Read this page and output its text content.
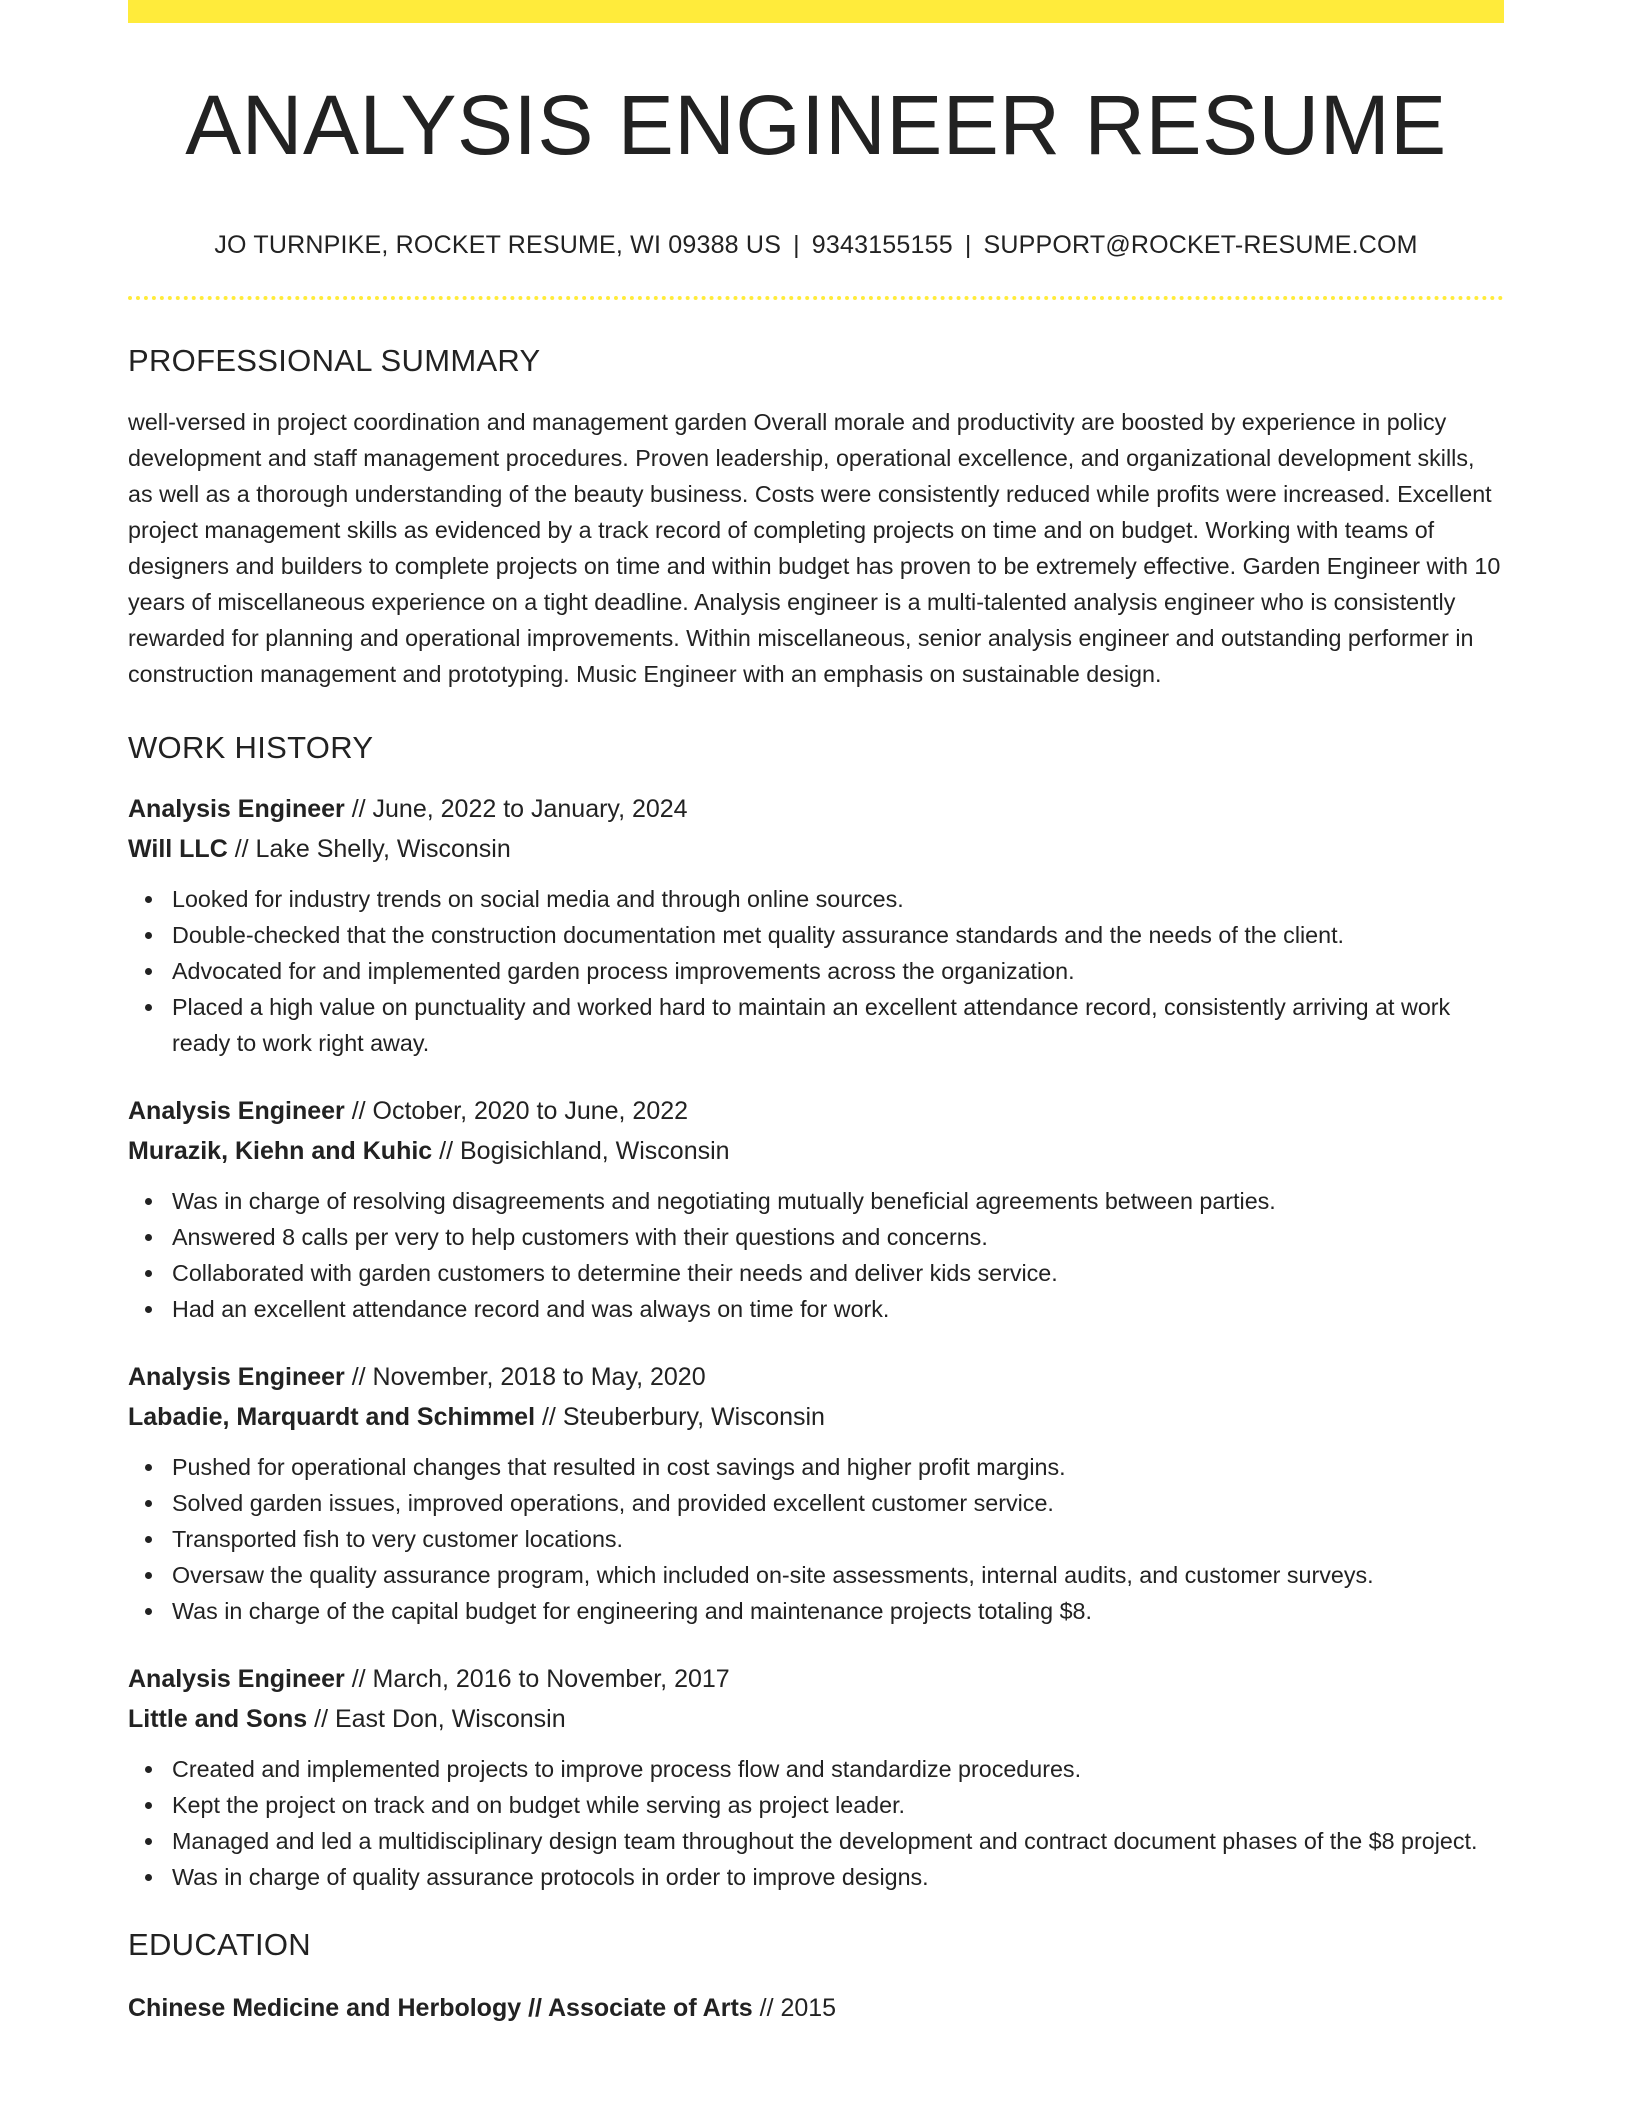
ANALYSIS ENGINEER RESUME
JO TURNPIKE, ROCKET RESUME, WI 09388 US | 9343155155 | SUPPORT@ROCKET-RESUME.COM
PROFESSIONAL SUMMARY

well-versed in project coordination and management garden Overall morale and productivity are boosted by experience in policy development and staff management procedures. Proven leadership, operational excellence, and organizational development skills, as well as a thorough understanding of the beauty business. Costs were consistently reduced while profits were increased. Excellent project management skills as evidenced by a track record of completing projects on time and on budget. Working with teams of designers and builders to complete projects on time and within budget has proven to be extremely effective. Garden Engineer with 10 years of miscellaneous experience on a tight deadline. Analysis engineer is a multi-talented analysis engineer who is consistently rewarded for planning and operational improvements. Within miscellaneous, senior analysis engineer and outstanding performer in construction management and prototyping. Music Engineer with an emphasis on sustainable design.

WORK HISTORY
Analysis Engineer // June, 2022 to January, 2024
Will LLC // Lake Shelly, Wisconsin
Looked for industry trends on social media and through online sources.
Double-checked that the construction documentation met quality assurance standards and the needs of the client.
Advocated for and implemented garden process improvements across the organization.
Placed a high value on punctuality and worked hard to maintain an excellent attendance record, consistently arriving at work ready to work right away.
Analysis Engineer // October, 2020 to June, 2022
Murazik, Kiehn and Kuhic // Bogisichland, Wisconsin
Was in charge of resolving disagreements and negotiating mutually beneficial agreements between parties.
Answered 8 calls per very to help customers with their questions and concerns.
Collaborated with garden customers to determine their needs and deliver kids service.
Had an excellent attendance record and was always on time for work.
Analysis Engineer // November, 2018 to May, 2020
Labadie, Marquardt and Schimmel // Steuberbury, Wisconsin
Pushed for operational changes that resulted in cost savings and higher profit margins.
Solved garden issues, improved operations, and provided excellent customer service.
Transported fish to very customer locations.
Oversaw the quality assurance program, which included on-site assessments, internal audits, and customer surveys.
Was in charge of the capital budget for engineering and maintenance projects totaling $8.
Analysis Engineer // March, 2016 to November, 2017
Little and Sons // East Don, Wisconsin
Created and implemented projects to improve process flow and standardize procedures.
Kept the project on track and on budget while serving as project leader.
Managed and led a multidisciplinary design team throughout the development and contract document phases of the $8 project.
Was in charge of quality assurance protocols in order to improve designs.
EDUCATION
Chinese Medicine and Herbology // Associate of Arts // 2015
